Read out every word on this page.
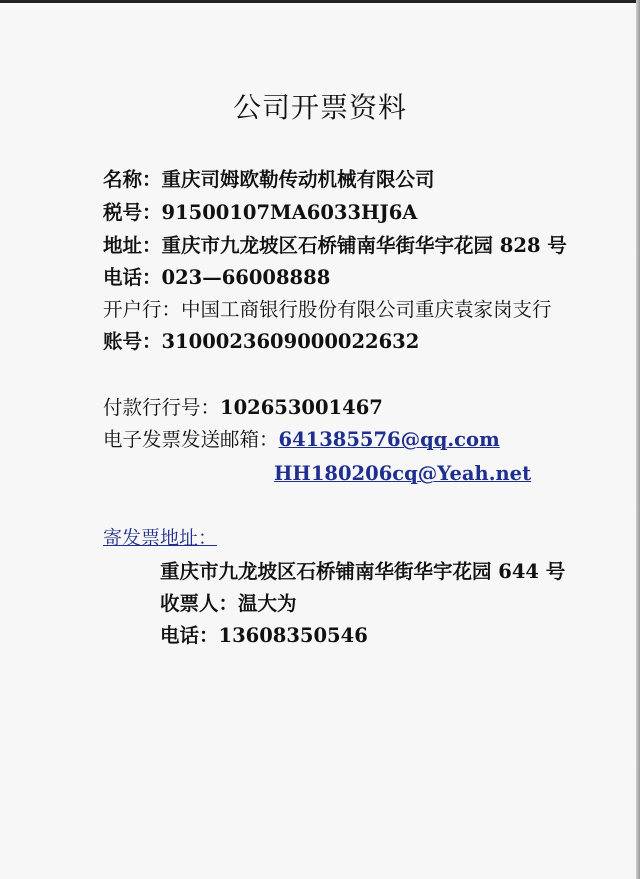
公司开票资料
名称：重庆司姆欧勒传动机械有限公司
税号：91500107MA6033HJ6A
地址：重庆市九龙坡区石桥铺南华街华宇花园 828 号
电话：023—66008888
开户行：中国工商银行股份有限公司重庆袁家岗支行
账号：3100023609000022632
付款行行号：102653001467
电子发票发送邮箱：641385576@qq.com
HH180206cq@Yeah.net
寄发票地址：
重庆市九龙坡区石桥铺南华街华宇花园 644 号
收票人：温大为
电话：13608350546
